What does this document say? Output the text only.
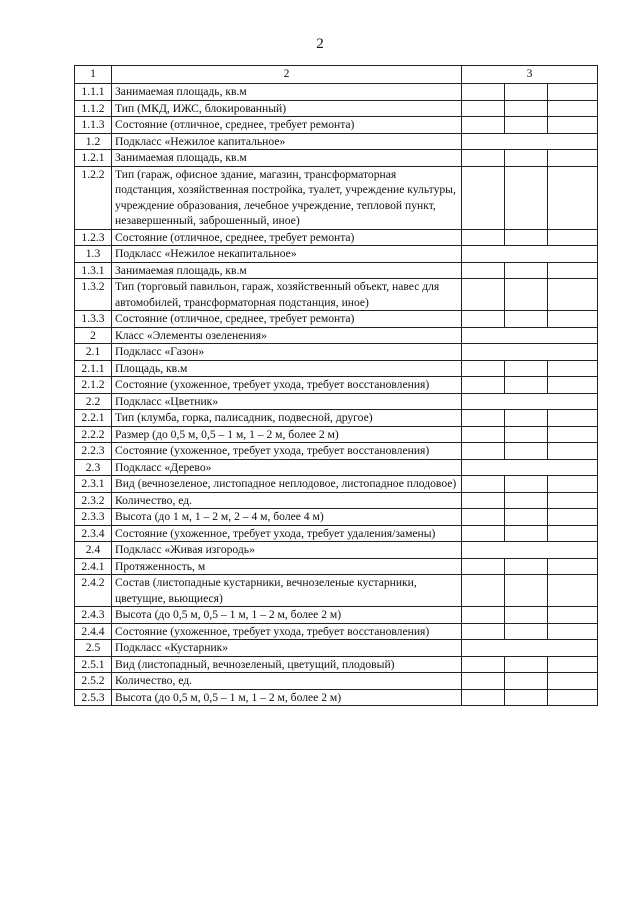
2
1	2	3		
1.1.1	Занимаемая площадь, кв.м			
1.1.2	Тип (МКД, ИЖС, блокированный)			
1.1.3	Состояние (отличное, среднее, требует ремонта)			
1.2	Подкласс «Нежилое капитальное»			
1.2.1	Занимаемая площадь, кв.м			
1.2.2	Тип (гараж, офисное здание, магазин, трансформаторная подстанция, хозяйственная постройка, туалет, учреждение культуры, учреждение образования, лечебное учреждение, тепловой пункт, незавершенный, заброшенный, иное)			
1.2.3	Состояние (отличное, среднее, требует ремонта)			
1.3	Подкласс «Нежилое некапитальное»			
1.3.1	Занимаемая площадь, кв.м			
1.3.2	Тип (торговый павильон, гараж, хозяйственный объект, навес для автомобилей, трансформаторная подстанция, иное)			
1.3.3	Состояние (отличное, среднее, требует ремонта)			
2	Класс «Элементы озеленения»			
2.1	Подкласс «Газон»			
2.1.1	Площадь, кв.м			
2.1.2	Состояние (ухоженное, требует ухода, требует восстановления)			
2.2	Подкласс «Цветник»			
2.2.1	Тип (клумба, горка, палисадник, подвесной, другое)			
2.2.2	Размер (до 0,5 м, 0,5 – 1 м, 1 – 2 м, более 2 м)			
2.2.3	Состояние (ухоженное, требует ухода, требует восстановления)			
2.3	Подкласс «Дерево»			
2.3.1	Вид (вечнозеленое, листопадное неплодовое, листопадное плодовое)			
2.3.2	Количество, ед.			
2.3.3	Высота (до 1 м, 1 – 2 м, 2 – 4 м, более 4 м)			
2.3.4	Состояние (ухоженное, требует ухода, требует удаления/замены)			
2.4	Подкласс «Живая изгородь»			
2.4.1	Протяженность, м			
2.4.2	Состав (листопадные кустарники, вечнозеленые кустарники, цветущие, вьющиеся)			
2.4.3	Высота (до 0,5 м, 0,5 – 1 м, 1 – 2 м, более 2 м)			
2.4.4	Состояние (ухоженное, требует ухода, требует восстановления)			
2.5	Подкласс «Кустарник»			
2.5.1	Вид (листопадный, вечнозеленый, цветущий, плодовый)			
2.5.2	Количество, ед.			
2.5.3	Высота (до 0,5 м, 0,5 – 1 м, 1 – 2 м, более 2 м)			
